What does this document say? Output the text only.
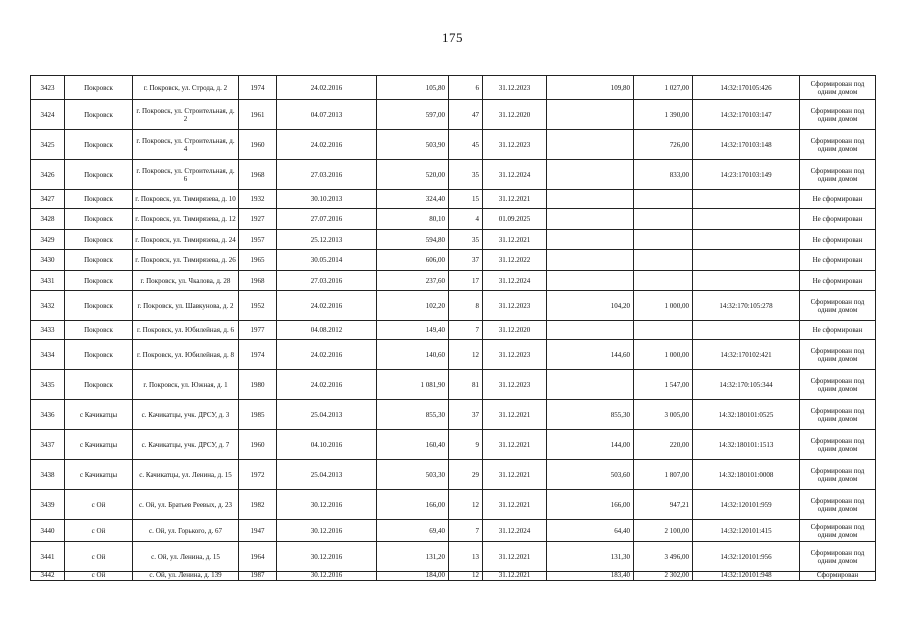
175
3423	Покровск	г. Покровск, ул. Строда, д. 2	1974	24.02.2016	105,80	6	31.12.2023	109,80	1 027,00	14:32:170105:426	Сформирован под одним домом
3424	Покровск	г. Покровск, ул. Строительная, д. 2	1961	04.07.2013	597,00	47	31.12.2020		1 390,00	14:32:170103:147	Сформирован под одним домом
3425	Покровск	г. Покровск, ул. Строительная, д. 4	1960	24.02.2016	503,90	45	31.12.2023		726,00	14:32:170103:148	Сформирован под одним домом
3426	Покровск	г. Покровск, ул. Строительная, д. 6	1968	27.03.2016	520,00	35	31.12.2024		833,00	14:23:170103:149	Сформирован под одним домом
3427	Покровск	г. Покровск, ул. Тимирязева, д. 10	1932	30.10.2013	324,40	15	31.12.2021				Не сформирован
3428	Покровск	г. Покровск, ул. Тимирязева, д. 12	1927	27.07.2016	80,10	4	01.09.2025				Не сформирован
3429	Покровск	г. Покровск, ул. Тимирязева, д. 24	1957	25.12.2013	594,80	35	31.12.2021				Не сформирован
3430	Покровск	г. Покровск, ул. Тимирязева, д. 26	1965	30.05.2014	606,00	37	31.12.2022				Не сформирован
3431	Покровск	г. Покровск, ул. Чкалова, д. 28	1968	27.03.2016	237,60	17	31.12.2024				Не сформирован
3432	Покровск	г. Покровск, ул. Шавкунова, д. 2	1952	24.02.2016	102,20	8	31.12.2023	104,20	1 000,00	14:32:170:105:278	Сформирован под одним домом
3433	Покровск	г. Покровск, ул. Юбилейная, д. 6	1977	04.08.2012	149,40	7	31.12.2020				Не сформирован
3434	Покровск	г. Покровск, ул. Юбилейная, д. 8	1974	24.02.2016	140,60	12	31.12.2023	144,60	1 000,00	14:32:170102:421	Сформирован под одним домом
3435	Покровск	г. Покровск, ул. Южная, д. 1	1980	24.02.2016	1 081,90	81	31.12.2023		1 547,00	14:32:170:105:344	Сформирован под одним домом
3436	с Качикатцы	с. Качикатцы, учк. ДРСУ, д. 3	1985	25.04.2013	855,30	37	31.12.2021	855,30	3 005,00	14:32:180101:0525	Сформирован под одним домом
3437	с Качикатцы	с. Качикатцы, учк. ДРСУ, д. 7	1960	04.10.2016	160,40	9	31.12.2021	144,00	220,00	14:32:180101:1513	Сформирован под одним домом
3438	с Качикатцы	с. Качикатцы, ул. Ленина, д. 15	1972	25.04.2013	503,30	29	31.12.2021	503,60	1 807,00	14:32:180101:0008	Сформирован под одним домом
3439	с Ой	с. Ой, ул. Братьев Реевых, д. 23	1982	30.12.2016	166,00	12	31.12.2021	166,00	947,21	14:32:120101:959	Сформирован под одним домом
3440	с Ой	с. Ой, ул. Горького, д. 67	1947	30.12.2016	69,40	7	31.12.2024	64,40	2 100,00	14:32:120101:415	Сформирован под одним домом
3441	с Ой	с. Ой, ул. Ленина, д. 15	1964	30.12.2016	131,20	13	31.12.2021	131,30	3 496,00	14:32:120101:956	Сформирован под одним домом
3442	с Ой	с. Ой, ул. Ленина, д. 139	1987	30.12.2016	184,00	12	31.12.2021	183,40	2 302,00	14:32:120101:948	Сформирован
